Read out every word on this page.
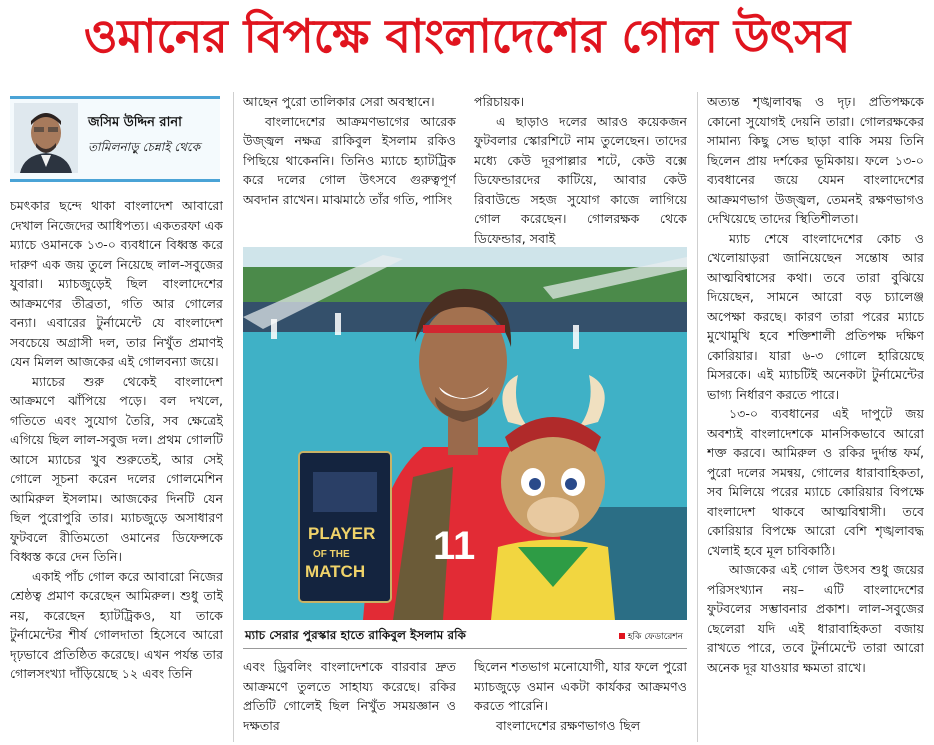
ওমানের বিপক্ষে বাংলাদেশের গোল উৎসব
জসিম উদ্দিন রানা
তামিলনাড়ু চেন্নাই থেকে

চমৎকার ছন্দে থাকা বাংলাদেশ আবারো দেখাল নিজেদের আধিপত্য। একতরফা এক ম্যাচে ওমানকে ১৩-০ ব্যবধানে বিধ্বস্ত করে দারুণ এক জয় তুলে নিয়েছে লাল-সবুজের যুবারা। ম্যাচজুড়েই ছিল বাংলাদেশের আক্রমণের তীব্রতা, গতি আর গোলের বন্যা। এবারের টুর্নামেন্টে যে বাংলাদেশ সবচেয়ে অগ্রাসী দল, তার নিখুঁত প্রমাণই যেন মিলল আজকের এই গোলবন্যা জয়ে।

ম্যাচের শুরু থেকেই বাংলাদেশ আক্রমণে ঝাঁপিয়ে পড়ে। বল দখলে, গতিতে এবং সুযোগ তৈরি, সব ক্ষেত্রেই এগিয়ে ছিল লাল-সবুজ দল। প্রথম গোলটি আসে ম্যাচের খুব শুরুতেই, আর সেই গোলে সূচনা করেন দলের গোলমেশিন আমিরুল ইসলাম। আজকের দিনটি যেন ছিল পুরোপুরি তার। ম্যাচজুড়ে অসাধারণ ফুটবলে রীতিমতো ওমানের ডিফেন্সকে বিধ্বস্ত করে দেন তিনি।

একাই পাঁচ গোল করে আবারো নিজের শ্রেষ্ঠত্ব প্রমাণ করেছেন আমিরুল। শুধু তাই নয়, করেছেন হ্যাটট্রিকও, যা তাকে টুর্নামেন্টের শীর্ষ গোলদাতা হিসেবে আরো দৃঢ়ভাবে প্রতিষ্ঠিত করেছে। এখন পর্যন্ত তার গোলসংখ্যা দাঁড়িয়েছে ১২ এবং তিনি

আছেন পুরো তালিকার সেরা অবস্থানে।

বাংলাদেশের আক্রমণভাগের আরেক উজ্জ্বল নক্ষত্র রাকিবুল ইসলাম রকিও পিছিয়ে থাকেননি। তিনিও ম্যাচে হ্যাটট্রিক করে দলের গোল উৎসবে গুরুত্বপূর্ণ অবদান রাখেন। মাঝমাঠে তাঁর গতি, পাসিং

পরিচায়ক।

এ ছাড়াও দলের আরও কয়েকজন ফুটবলার স্কোরশিটে নাম তুলেছেন। তাদের মধ্যে কেউ দূরপাল্লার শটে, কেউ বক্সে ডিফেন্ডারদের কাটিয়ে, আবার কেউ রিবাউন্ডে সহজ সুযোগ কাজে লাগিয়ে গোল করেছেন। গোলরক্ষক থেকে ডিফেন্ডার, সবাই

11
PLAYER
OF THE
MATCH
ম্যাচ সেরার পুরস্কার হাতে রাকিবুল ইসলাম রকি	হকি ফেডারেশন

এবং ড্রিবলিং বাংলাদেশকে বারবার দ্রুত আক্রমণে তুলতে সাহায্য করেছে। রকির প্রতিটি গোলেই ছিল নিখুঁত সময়জ্ঞান ও দক্ষতার

ছিলেন শতভাগ মনোযোগী, যার ফলে পুরো ম্যাচজুড়ে ওমান একটা কার্যকর আক্রমণও করতে পারেনি।

বাংলাদেশের রক্ষণভাগও ছিল

অত্যন্ত শৃঙ্খলাবদ্ধ ও দৃঢ়। প্রতিপক্ষকে কোনো সুযোগই দেয়নি তারা। গোলরক্ষকের সামান্য কিছু সেভ ছাড়া বাকি সময় তিনি ছিলেন প্রায় দর্শকের ভূমিকায়। ফলে ১৩-০ ব্যবধানের জয়ে যেমন বাংলাদেশের আক্রমণভাগ উজ্জ্বল, তেমনই রক্ষণভাগও দেখিয়েছে তাদের স্থিতিশীলতা।

ম্যাচ শেষে বাংলাদেশের কোচ ও খেলোয়াড়রা জানিয়েছেন সন্তোষ আর আত্মবিশ্বাসের কথা। তবে তারা বুঝিয়ে দিয়েছেন, সামনে আরো বড় চ্যালেঞ্জ অপেক্ষা করছে। কারণ তারা পরের ম্যাচে মুখোমুখি হবে শক্তিশালী প্রতিপক্ষ দক্ষিণ কোরিয়ার। যারা ৬-৩ গোলে হারিয়েছে মিসরকে। এই ম্যাচটিই অনেকটা টুর্নামেন্টের ভাগ্য নির্ধারণ করতে পারে।

১৩-০ ব্যবধানের এই দাপুটে জয় অবশ্যই বাংলাদেশকে মানসিকভাবে আরো শক্ত করবে। আমিরুল ও রকির দুর্দান্ত ফর্ম, পুরো দলের সমন্বয়, গোলের ধারাবাহিকতা, সব মিলিয়ে পরের ম্যাচে কোরিয়ার বিপক্ষে বাংলাদেশ থাকবে আত্মবিশ্বাসী। তবে কোরিয়ার বিপক্ষে আরো বেশি শৃঙ্খলাবদ্ধ খেলাই হবে মূল চাবিকাঠি।

আজকের এই গোল উৎসব শুধু জয়ের পরিসংখ্যান নয়– এটি বাংলাদেশের ফুটবলের সম্ভাবনার প্রকাশ। লাল-সবুজের ছেলেরা যদি এই ধারাবাহিকতা বজায় রাখতে পারে, তবে টুর্নামেন্টে তারা আরো অনেক দূর যাওয়ার ক্ষমতা রাখে।
